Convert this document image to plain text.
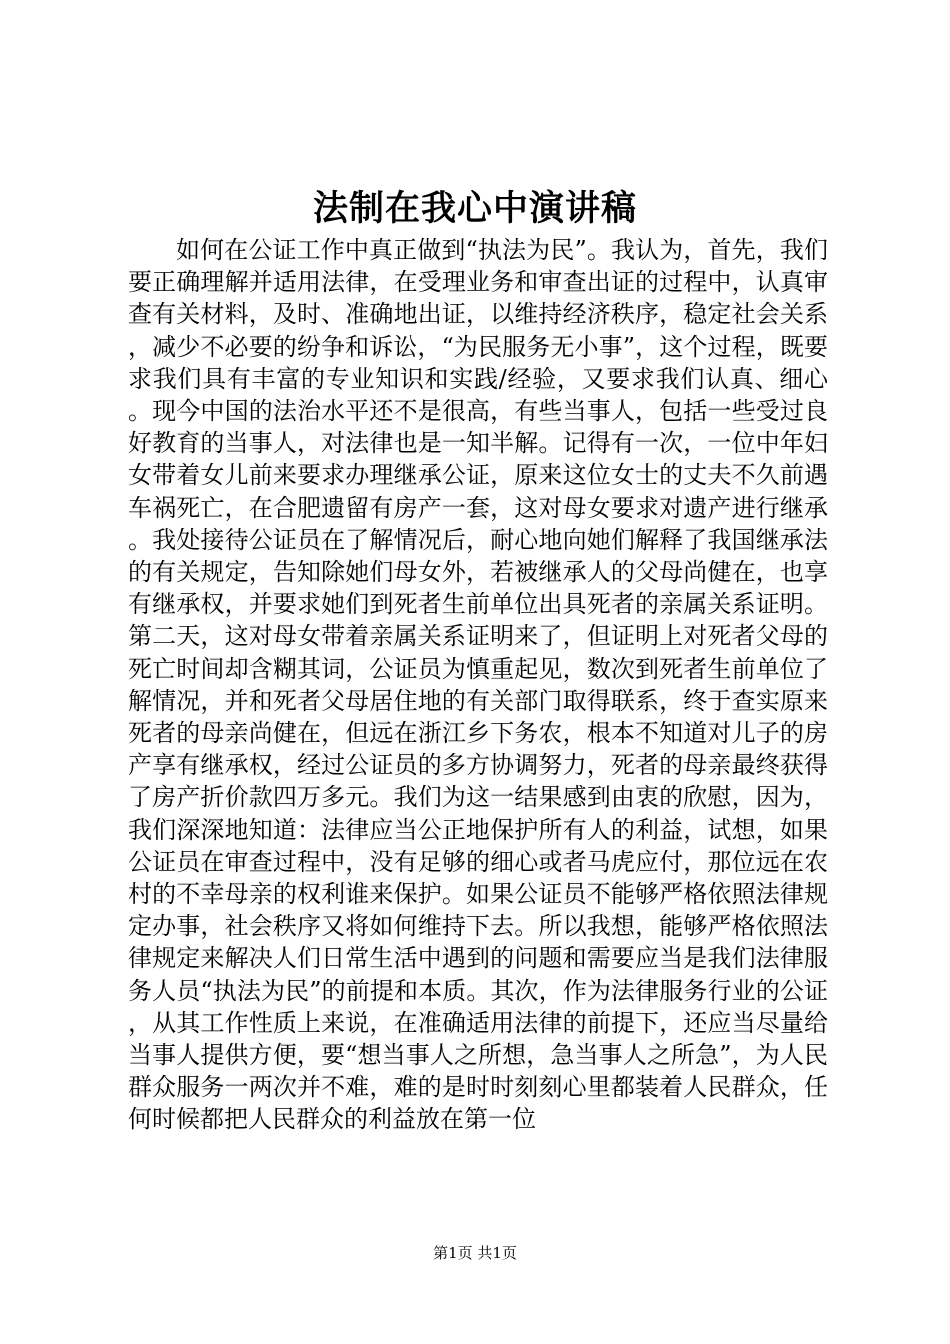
法制在我心中演讲稿

如何在公证工作中真正做到“执法为民”。我认为，首先，我们要正确理解并适用法律，在受理业务和审查出证的过程中，认真审查有关材料，及时、准确地出证，以维持经济秩序，稳定社会关系，减少不必要的纷争和诉讼，“为民服务无小事”，这个过程，既要求我们具有丰富的专业知识和实践/经验，又要求我们认真、细心。现今中国的法治水平还不是很高，有些当事人，包括一些受过良好教育的当事人，对法律也是一知半解。记得有一次，一位中年妇女带着女儿前来要求办理继承公证，原来这位女士的丈夫不久前遇车祸死亡，在合肥遗留有房产一套，这对母女要求对遗产进行继承。我处接待公证员在了解情况后，耐心地向她们解释了我国继承法的有关规定，告知除她们母女外，若被继承人的父母尚健在，也享有继承权，并要求她们到死者生前单位出具死者的亲属关系证明。第二天，这对母女带着亲属关系证明来了，但证明上对死者父母的死亡时间却含糊其词，公证员为慎重起见，数次到死者生前单位了解情况，并和死者父母居住地的有关部门取得联系，终于查实原来死者的母亲尚健在，但远在浙江乡下务农，根本不知道对儿子的房产享有继承权，经过公证员的多方协调努力，死者的母亲最终获得了房产折价款四万多元。我们为这一结果感到由衷的欣慰，因为，我们深深地知道：法律应当公正地保护所有人的利益，试想，如果公证员在审查过程中，没有足够的细心或者马虎应付，那位远在农村的不幸母亲的权利谁来保护。如果公证员不能够严格依照法律规定办事，社会秩序又将如何维持下去。所以我想，能够严格依照法律规定来解决人们日常生活中遇到的问题和需要应当是我们法律服务人员“执法为民”的前提和本质。其次，作为法律服务行业的公证，从其工作性质上来说，在准确适用法律的前提下，还应当尽量给当事人提供方便，要“想当事人之所想，急当事人之所急”，为人民群众服务一两次并不难，难的是时时刻刻心里都装着人民群众，任何时候都把人民群众的利益放在第一位

第1页 共1页
